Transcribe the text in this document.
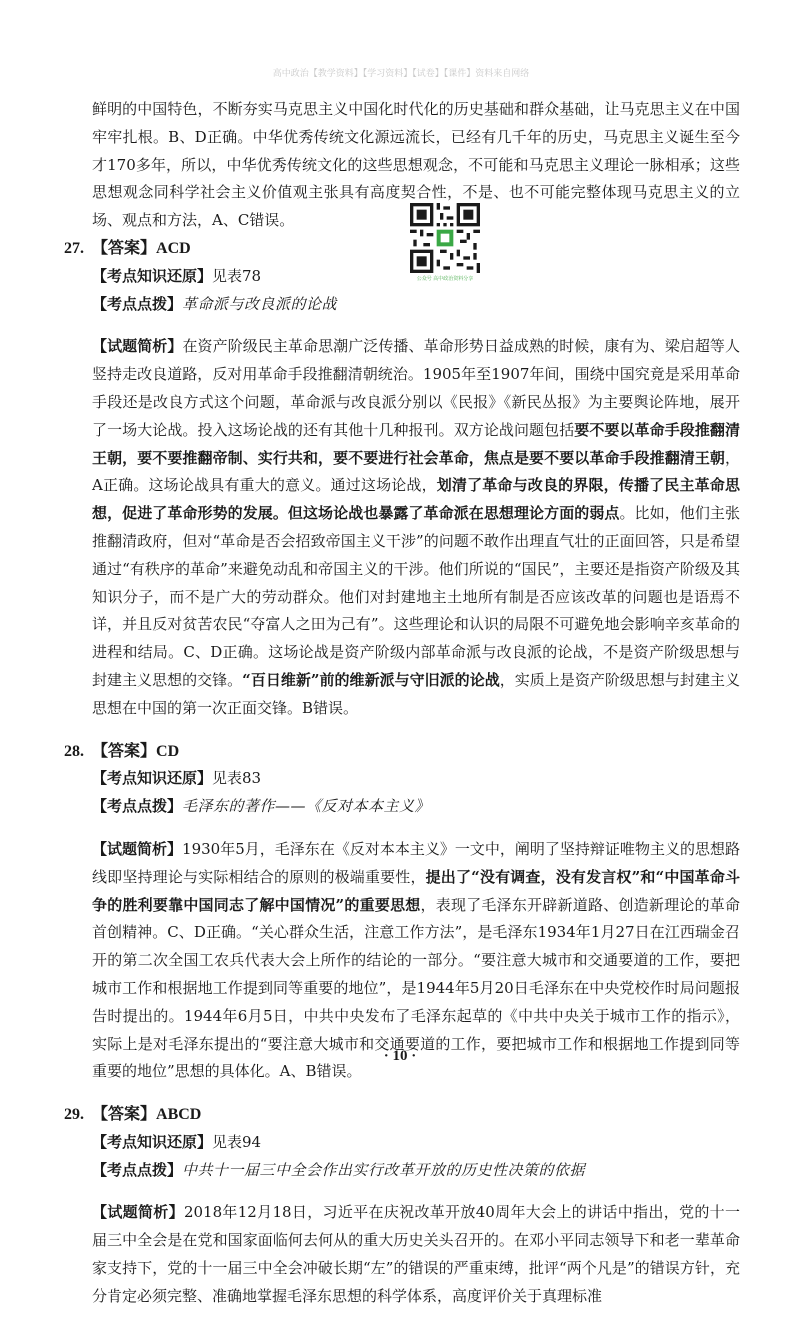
高中政治【教学资料】【学习资料】【试卷】【课件】资料来自网络
鲜明的中国特色，不断夯实马克思主义中国化时代化的历史基础和群众基础，让马克思主义在中国牢牢扎根。B、D正确。中华优秀传统文化源远流长，已经有几千年的历史，马克思主义诞生至今才170多年，所以，中华优秀传统文化的这些思想观念，不可能和马克思主义理论一脉相承；这些思想观念同科学社会主义价值观主张具有高度契合性，不是、也不可能完整体现马克思主义的立场、观点和方法，A、C错误。

27. 【答案】ACD

【考点知识还原】见表78

【考点点拨】革命派与改良派的论战

【试题简析】在资产阶级民主革命思潮广泛传播、革命形势日益成熟的时候，康有为、梁启超等人竖持走改良道路，反对用革命手段推翻清朝统治。1905年至1907年间，围绕中国究竟是采用革命手段还是改良方式这个问题，革命派与改良派分别以《民报》《新民丛报》为主要舆论阵地，展开了一场大论战。投入这场论战的还有其他十几种报刊。双方论战问题包括要不要以革命手段推翻清王朝，要不要推翻帝制、实行共和，要不要进行社会革命，焦点是要不要以革命手段推翻清王朝，A正确。这场论战具有重大的意义。通过这场论战，划清了革命与改良的界限，传播了民主革命思想，促进了革命形势的发展。但这场论战也暴露了革命派在思想理论方面的弱点。比如，他们主张推翻清政府，但对“革命是否会招致帝国主义干涉”的问题不敢作出理直气壮的正面回答，只是希望通过“有秩序的革命”来避免动乱和帝国主义的干涉。他们所说的“国民”，主要还是指资产阶级及其知识分子，而不是广大的劳动群众。他们对封建地主土地所有制是否应该改革的问题也是语焉不详，并且反对贫苦农民“夺富人之田为己有”。这些理论和认识的局限不可避免地会影响辛亥革命的进程和结局。C、D正确。这场论战是资产阶级内部革命派与改良派的论战，不是资产阶级思想与封建主义思想的交锋。“百日维新”前的维新派与守旧派的论战，实质上是资产阶级思想与封建主义思想在中国的第一次正面交锋。B错误。

28. 【答案】CD

【考点知识还原】见表83

【考点点拨】毛泽东的著作——《反对本本主义》

【试题简析】1930年5月，毛泽东在《反对本本主义》一文中，阐明了坚持辩证唯物主义的思想路线即坚持理论与实际相结合的原则的极端重要性，提出了“没有调查，没有发言权”和“中国革命斗争的胜利要靠中国同志了解中国情况”的重要思想，表现了毛泽东开辟新道路、创造新理论的革命首创精神。C、D正确。“关心群众生活，注意工作方法”，是毛泽东1934年1月27日在江西瑞金召开的第二次全国工农兵代表大会上所作的结论的一部分。“要注意大城市和交通要道的工作，要把城市工作和根据地工作提到同等重要的地位”，是1944年5月20日毛泽东在中央党校作时局问题报告时提出的。1944年6月5日，中共中央发布了毛泽东起草的《中共中央关于城市工作的指示》，实际上是对毛泽东提出的“要注意大城市和交通要道的工作，要把城市工作和根据地工作提到同等重要的地位”思想的具体化。A、B错误。

29. 【答案】ABCD

【考点知识还原】见表94

【考点点拨】中共十一届三中全会作出实行改革开放的历史性决策的依据

【试题简析】2018年12月18日，习近平在庆祝改革开放40周年大会上的讲话中指出，党的十一届三中全会是在党和国家面临何去何从的重大历史关头召开的。在邓小平同志领导下和老一辈革命家支持下，党的十一届三中全会冲破长期“左”的错误的严重束缚，批评“两个凡是”的错误方针，充分肯定必须完整、准确地掌握毛泽东思想的科学体系，高度评价关于真理标准

公众号 高中政治资料分享
· 10 ·
